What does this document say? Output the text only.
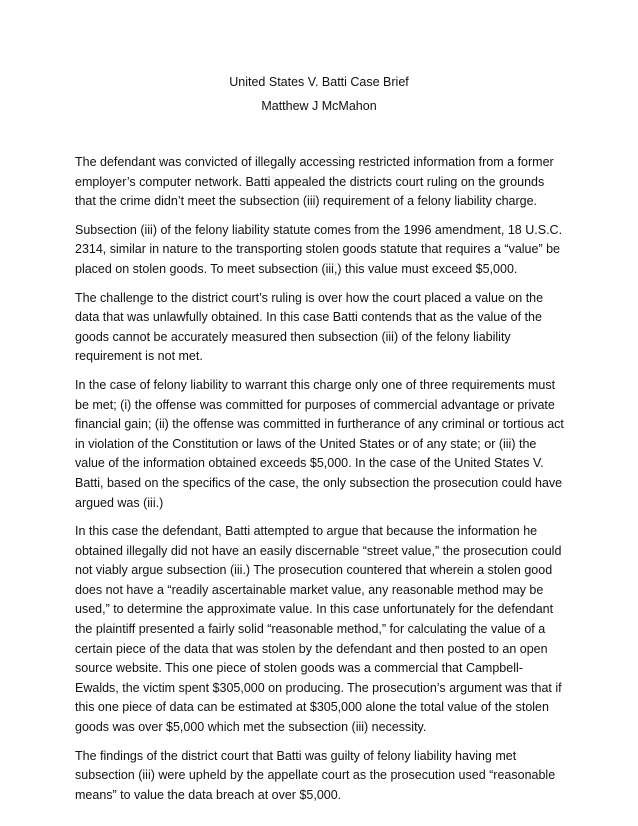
United States V. Batti Case Brief
Matthew J McMahon

The defendant was convicted of illegally accessing restricted information from a former employer’s computer network. Batti appealed the districts court ruling on the grounds that the crime didn’t meet the subsection (iii) requirement of a felony liability charge.

Subsection (iii) of the felony liability statute comes from the 1996 amendment, 18 U.S.C. 2314, similar in nature to the transporting stolen goods statute that requires a “value” be placed on stolen goods. To meet subsection (iii,) this value must exceed $5,000.

The challenge to the district court’s ruling is over how the court placed a value on the data that was unlawfully obtained. In this case Batti contends that as the value of the goods cannot be accurately measured then subsection (iii) of the felony liability requirement is not met.

In the case of felony liability to warrant this charge only one of three requirements must be met; (i) the offense was committed for purposes of commercial advantage or private financial gain; (ii) the offense was committed in furtherance of any criminal or tortious act in violation of the Constitution or laws of the United States or of any state; or (iii) the value of the information obtained exceeds $5,000. In the case of the United States V. Batti, based on the specifics of the case, the only subsection the prosecution could have argued was (iii.)

In this case the defendant, Batti attempted to argue that because the information he obtained illegally did not have an easily discernable “street value,” the prosecution could not viably argue subsection (iii.) The prosecution countered that wherein a stolen good does not have a “readily ascertainable market value, any reasonable method may be used,” to determine the approximate value. In this case unfortunately for the defendant the plaintiff presented a fairly solid “reasonable method,” for calculating the value of a certain piece of the data that was stolen by the defendant and then posted to an open source website. This one piece of stolen goods was a commercial that Campbell-Ewalds, the victim spent $305,000 on producing. The prosecution’s argument was that if this one piece of data can be estimated at $305,000 alone the total value of the stolen goods was over $5,000 which met the subsection (iii) necessity.

The findings of the district court that Batti was guilty of felony liability having met subsection (iii) were upheld by the appellate court as the prosecution used “reasonable means” to value the data breach at over $5,000.
